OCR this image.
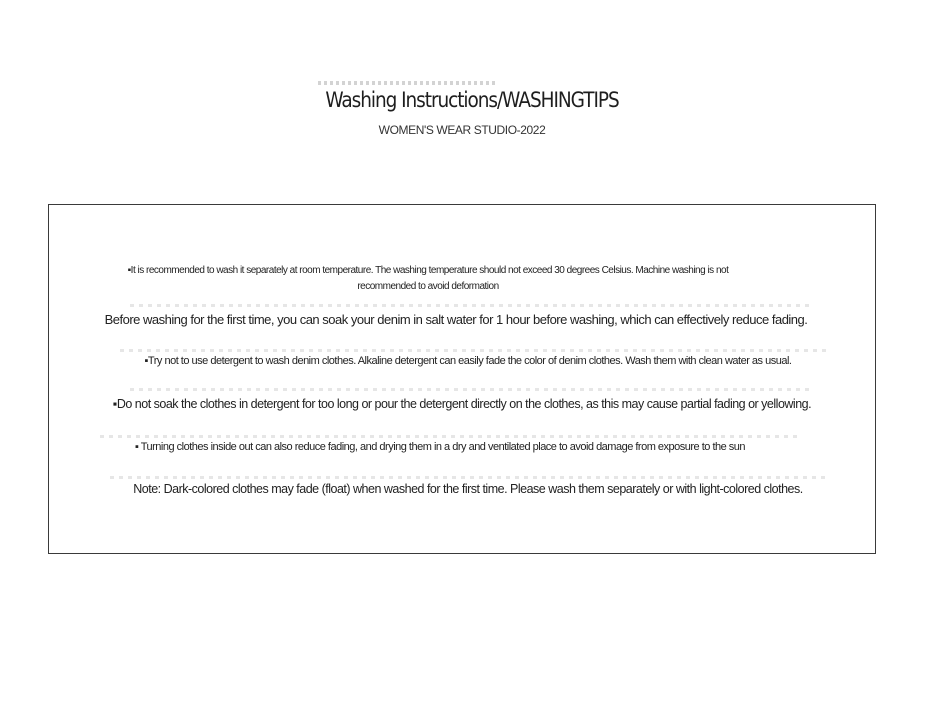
Washing Instructions/WASHINGTIPS
WOMEN'S WEAR STUDIO-2022
▪It is recommended to wash it separately at room temperature. The washing temperature should not exceed 30 degrees Celsius. Machine washing is not recommended to avoid deformation
Before washing for the first time, you can soak your denim in salt water for 1 hour before washing, which can effectively reduce fading.
▪Try not to use detergent to wash denim clothes. Alkaline detergent can easily fade the color of denim clothes. Wash them with clean water as usual.
▪Do not soak the clothes in detergent for too long or pour the detergent directly on the clothes, as this may cause partial fading or yellowing.
▪ Turning clothes inside out can also reduce fading, and drying them in a dry and ventilated place to avoid damage from exposure to the sun
Note: Dark-colored clothes may fade (float) when washed for the first time. Please wash them separately or with light-colored clothes.
